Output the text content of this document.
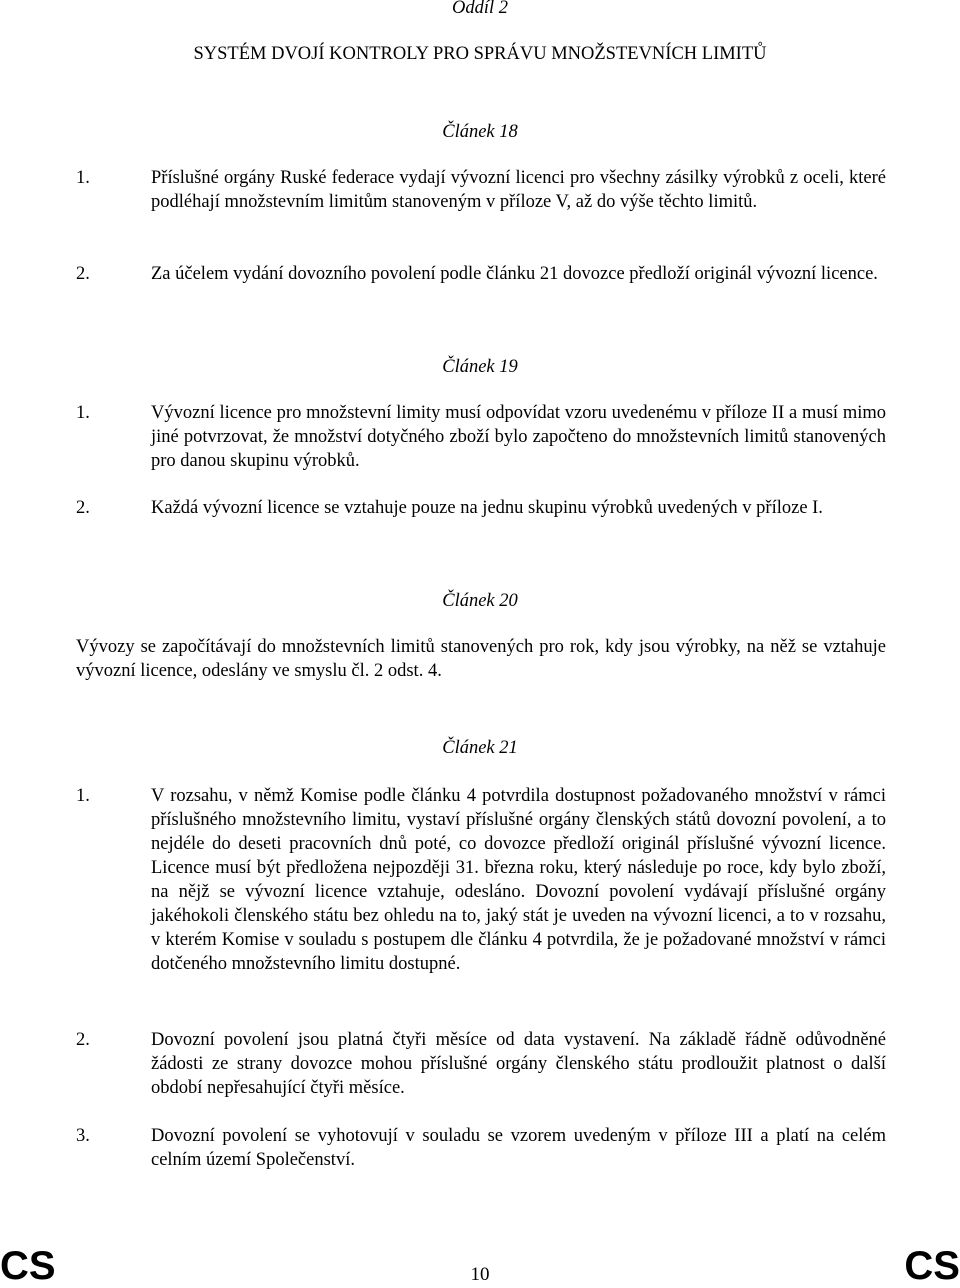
Oddíl 2

SYSTÉM DVOJÍ KONTROLY PRO SPRÁVU MNOŽSTEVNÍCH LIMITŮ

Článek 18

1.	Příslušné orgány Ruské federace vydají vývozní licenci pro všechny zásilky výrobků z oceli, které podléhají množstevním limitům stanoveným v příloze V, až do výše těchto limitů.

2.	Za účelem vydání dovozního povolení podle článku 21 dovozce předloží originál vývozní licence.

Článek 19

1.	Vývozní licence pro množstevní limity musí odpovídat vzoru uvedenému v příloze II a musí mimo jiné potvrzovat, že množství dotyčného zboží bylo započteno do množstevních limitů stanovených pro danou skupinu výrobků.

2.	Každá vývozní licence se vztahuje pouze na jednu skupinu výrobků uvedených v příloze I.

Článek 20

Vývozy se započítávají do množstevních limitů stanovených pro rok, kdy jsou výrobky, na něž se vztahuje vývozní licence, odeslány ve smyslu čl. 2 odst. 4.

Článek 21

1.	V rozsahu, v němž Komise podle článku 4 potvrdila dostupnost požadovaného množství v rámci příslušného množstevního limitu, vystaví příslušné orgány členských států dovozní povolení, a to nejdéle do deseti pracovních dnů poté, co dovozce předloží originál příslušné vývozní licence. Licence musí být předložena nejpozději 31. března roku, který následuje po roce, kdy bylo zboží, na nějž se vývozní licence vztahuje, odesláno. Dovozní povolení vydávají příslušné orgány jakéhokoli členského státu bez ohledu na to, jaký stát je uveden na vývozní licenci, a to v rozsahu, v kterém Komise v souladu s postupem dle článku 4 potvrdila, že je požadované množství v rámci dotčeného množstevního limitu dostupné.

2.	Dovozní povolení jsou platná čtyři měsíce od data vystavení. Na základě řádně odůvodněné žádosti ze strany dovozce mohou příslušné orgány členského státu prodloužit platnost o další období nepřesahující čtyři měsíce.

3.	Dovozní povolení se vyhotovují v souladu se vzorem uvedeným v příloze III a platí na celém celním území Společenství.

CS	10	CS
